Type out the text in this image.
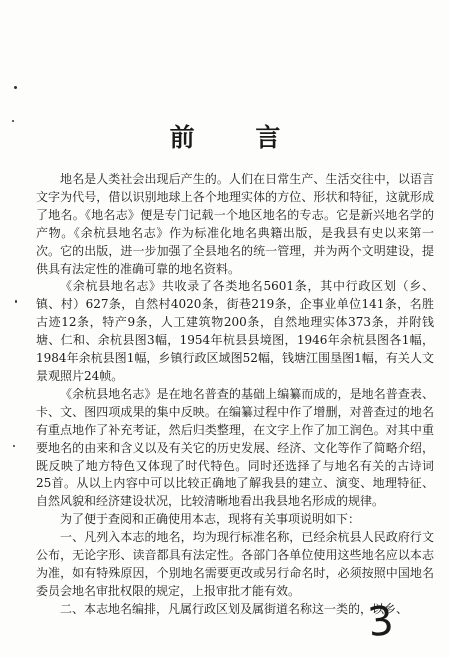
前 言

地名是人类社会出现后产生的。人们在日常生产、生活交往中，以语言文字为代号，借以识别地球上各个地理实体的方位、形状和特征，这就形成了地名。《地名志》便是专门记载一个地区地名的专志。它是新兴地名学的产物。《余杭县地名志》作为标准化地名典籍出版，是我县有史以来第一次。它的出版，进一步加强了全县地名的统一管理，并为两个文明建设，提供具有法定性的准确可靠的地名资料。

《余杭县地名志》共收录了各类地名5601条，其中行政区划（乡、镇、村）627条，自然村4020条，街巷219条，企事业单位141条，名胜古迹12条，特产9条，人工建筑物200条，自然地理实体373条，并附钱塘、仁和、余杭县图3幅，1954年杭县县境图，1946年余杭县图各1幅，1984年余杭县图1幅，乡镇行政区域图52幅，钱塘江围垦图1幅，有关人文景观照片24帧。

《余杭县地名志》是在地名普查的基础上编纂而成的，是地名普查表、卡、文、图四项成果的集中反映。在编纂过程中作了增删，对普查过的地名有重点地作了补充考证，然后归类整理，在文字上作了加工润色。对其中重要地名的由来和含义以及有关它的历史发展、经济、文化等作了简略介绍，既反映了地方特色又体现了时代特色。同时还选择了与地名有关的古诗词25首。从以上内容中可以比较正确地了解我县的建立、演变、地理特征、自然风貌和经济建设状况，比较清晰地看出我县地名形成的规律。

为了便于查阅和正确使用本志，现将有关事项说明如下：

一、凡列入本志的地名，均为现行标准名称，已经余杭县人民政府行文公布，无论字形、读音都具有法定性。各部门各单位使用这些地名应以本志为准，如有特殊原因，个别地名需要更改或另行命名时，必须按照中国地名委员会地名审批权限的规定，上报审批才能有效。

二、本志地名编排，凡属行政区划及属街道名称这一类的，以乡、

3
